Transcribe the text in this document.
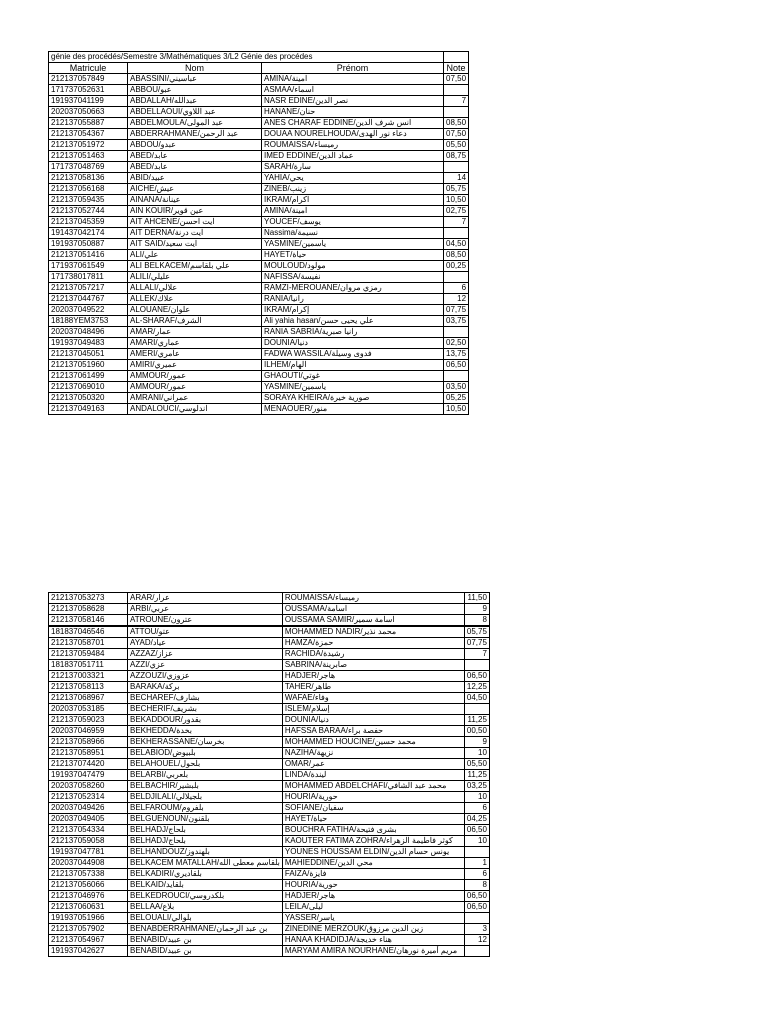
génie des procédés/Semestre 3/Mathématiques 3/L2 Génie des procédes			
Matricule	Nom	Prénom	Note
212137057849	ABASSINI/عباسيني	AMINA/امينة	07,50
171737052631	ABBOU/عبو	ASMAA/اسماء	
191937041199	ABDALLAH/عبدالله	NASR EDINE/نصر الدين	7
202037050663	ABDELLAOUI/عبد اللاوي	HANANE/حنان	
212137055887	ABDELMOULA/عبد المولى	ANES CHARAF EDDINE/انس شرف الدين	08,50
212137054367	ABDERRAHMANE/عبد الرحمن	DOUAA NOURELHOUDA/دعاء نور الهدى	07,50
212137051972	ABDOU/عبدو	ROUMAISSA/رميساء	05,50
212137051463	ABED/عابد	IMED EDDINE/عماد الدين	08,75
171737048769	ABED/عابد	SARAH/سارة	
212137058136	ABID/عبيد	YAHIA/يحي	14
212137056168	AICHE/عيش	ZINEB/زينب	05,75
212137059435	AINANA/عينانة	IKRAM/اكرام	10,50
212137052744	AIN KOUIR/عين قوير	AMINA/امينة	02,75
212137045359	AIT AHCENE/ايت احسن	YOUCEF/يوسف	7
191437042174	AIT DERNA/ايت درنة	Nassima/نسيمة	
191937050887	AIT SAID/ايت سعيد	YASMINE/ياسمين	04,50
212137051416	ALI/علي	HAYET/حياة	08,50
171937061549	ALI BELKACEM/علي بلقاسم	MOULOUD/مولود	00,25
171738017811	ALILI/عليلي	NAFISSA/نفيسة	
212137057217	ALLALI/علالي	RAMZI-MEROUANE/رمزي مروان	6
212137044767	ALLEK/علاك	RANIA/رانيا	12
202037049522	ALOUANE/علوان	IKRAM/إكرام	07,75
18188YEM3753	AL-SHARAF/الشرف	Ali yahia hasan/علي يحيى حسن	03,75
202037048496	AMAR/عمار	RANIA SABRIA/رانيا صبرية	
191937049483	AMARI/عماري	DOUNIA/دنيا	02,50
212137045051	AMERI/عامري	FADWA WASSILA/فدوى وسيلة	13,75
212137051960	AMIRI/عميري	ILHEM/الهام	06,50
212137061499	AMMOUR/عمور	GHAOUTI/غوتي	
212137069010	AMMOUR/عمور	YASMINE/ياسمين	03,50
212137050320	AMRANI/عمراني	SORAYA KHEIRA/صورية خيرة	05,25
212137049163	ANDALOUCI/اندلوسي	MENAOUER/منور	10,50
212137053273	ARAR/عرار	ROUMAISSA/رميساء	11,50
212137058628	ARBI/عربي	OUSSAMA/اسامة	9
212137058146	ATROUNE/عترون	OUSSAMA SAMIR/اسامة سمير	8
181837046546	ATTOU/عتو	MOHAMMED NADIR/محمد نذير	05,75
212137058701	AYAD/عياد	HAMZA/حمزة	07,75
212137059484	AZZAZ/عزاز	RACHIDA/رشيدة	7
181837051711	AZZI/عزي	SABRINA/صابرينة	
212137003321	AZZOUZI/عزوزي	HADJER/هاجر	06,50
212137058113	BARAKA/بركة	TAHER/طاهر	12,25
212137068967	BECHAREF/بشارف	WAFAE/وفاء	04,50
202037053185	BECHERIF/بشريف	ISLEM/إسلام	
212137059023	BEKADDOUR/بقدور	DOUNIA/دنيا	11,25
202037046959	BEKHEDDA/بخدة	HAFSSA BARAA/حفصة براء	00,50
212137058966	BEKHERASSANE/بخرسان	MOHAMMED HOUCINE/محمد حسين	9
212137058951	BELABIOD/بلبيوض	NAZIHA/نزيهة	10
212137074420	BELAHOUEL/بلحول	OMAR/عمر	05,50
191937047479	BELARBI/بلعربي	LINDA/ليندة	11,25
202037058260	BELBACHIR/بلبشير	MOHAMMED ABDELCHAFI/محمد عبد الشافي	03,25
212137052314	BELDJILALI/بلجيلالي	HOURIA/حورية	10
202037049426	BELFAROUM/بلفروم	SOFIANE/سفيان	6
202037049405	BELGUENOUN/بلقنون	HAYET/حياة	04,25
212137054334	BELHADJ/بلحاج	BOUCHRA FATIHA/بشرى فتيحة	06,50
212137059058	BELHADJ/بلحاج	KAOUTER FATIMA ZOHRA/كوثر فاطيمة الزهراء	10
191937047781	BELHANDOUZ/بلهندوز	YOUNES HOUSSAM ELDIN/يونس حسام الدين	
202037044908	BELKACEM MATALLAH/بلقاسم معطى الله	MAHIEDDINE/محي الدين	1
212137057338	BELKADIRI/بلقاديري	FAIZA/فايزة	6
212137056066	BELKAID/بلقايد	HOURIA/حورية	8
212137046976	BELKEDROUCI/بلكدروسي	HADJER/هاجر	06,50
212137060631	BELLAA/بلاع	LEILA/ليلى	06,50
191937051966	BELOUALI/بلوالي	YASSER/ياسر	
212137057902	BENABDERRAHMANE/بن عبد الرحمان	ZINEDINE MERZOUK/زين الدين مرزوق	3
212137054967	BENABID/بن عبيد	HANAA KHADIDJA/هناء خديجة	12
191937042627	BENABID/بن عبيد	MARYAM AMIRA NOURHANE/مريم أميرة نورهان	
